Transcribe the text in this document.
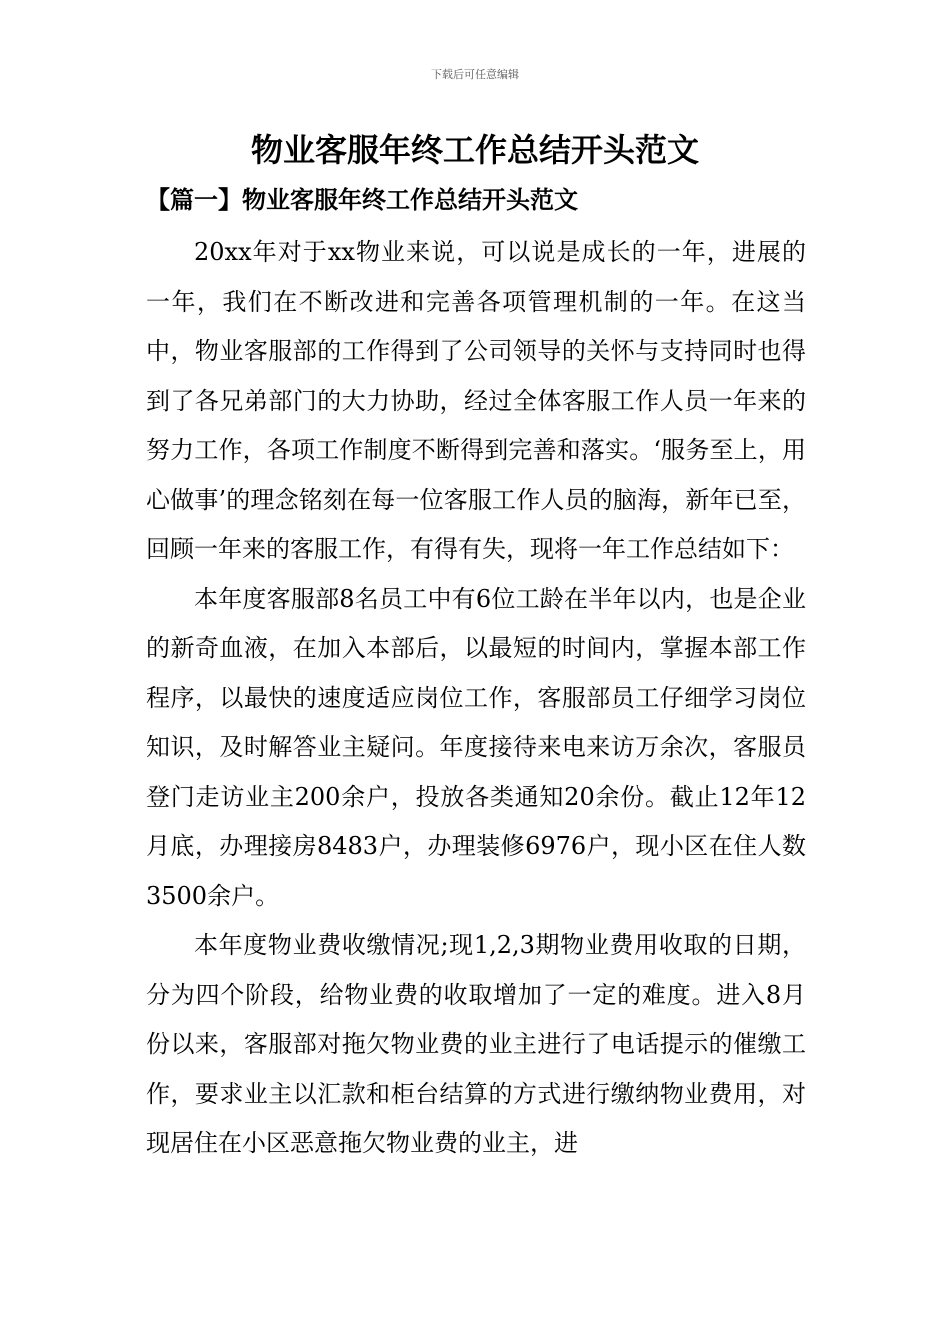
下载后可任意编辑
物业客服年终工作总结开头范文
【篇一】物业客服年终工作总结开头范文

20xx年对于xx物业来说，可以说是成长的一年，进展的一年，我们在不断改进和完善各项管理机制的一年。在这当中，物业客服部的工作得到了公司领导的关怀与支持同时也得到了各兄弟部门的大力协助，经过全体客服工作人员一年来的努力工作，各项工作制度不断得到完善和落实。‘服务至上，用心做事’的理念铭刻在每一位客服工作人员的脑海，新年已至，回顾一年来的客服工作，有得有失，现将一年工作总结如下：

本年度客服部8名员工中有6位工龄在半年以内，也是企业的新奇血液，在加入本部后，以最短的时间内，掌握本部工作程序，以最快的速度适应岗位工作，客服部员工仔细学习岗位知识，及时解答业主疑问。年度接待来电来访万余次，客服员登门走访业主200余户，投放各类通知20余份。截止12年12月底，办理接房8483户，办理装修6976户，现小区在住人数3500余户。

本年度物业费收缴情况;现1,2,3期物业费用收取的日期，分为四个阶段，给物业费的收取增加了一定的难度。进入8月份以来，客服部对拖欠物业费的业主进行了电话提示的催缴工作，要求业主以汇款和柜台结算的方式进行缴纳物业费用，对现居住在小区恶意拖欠物业费的业主，进
